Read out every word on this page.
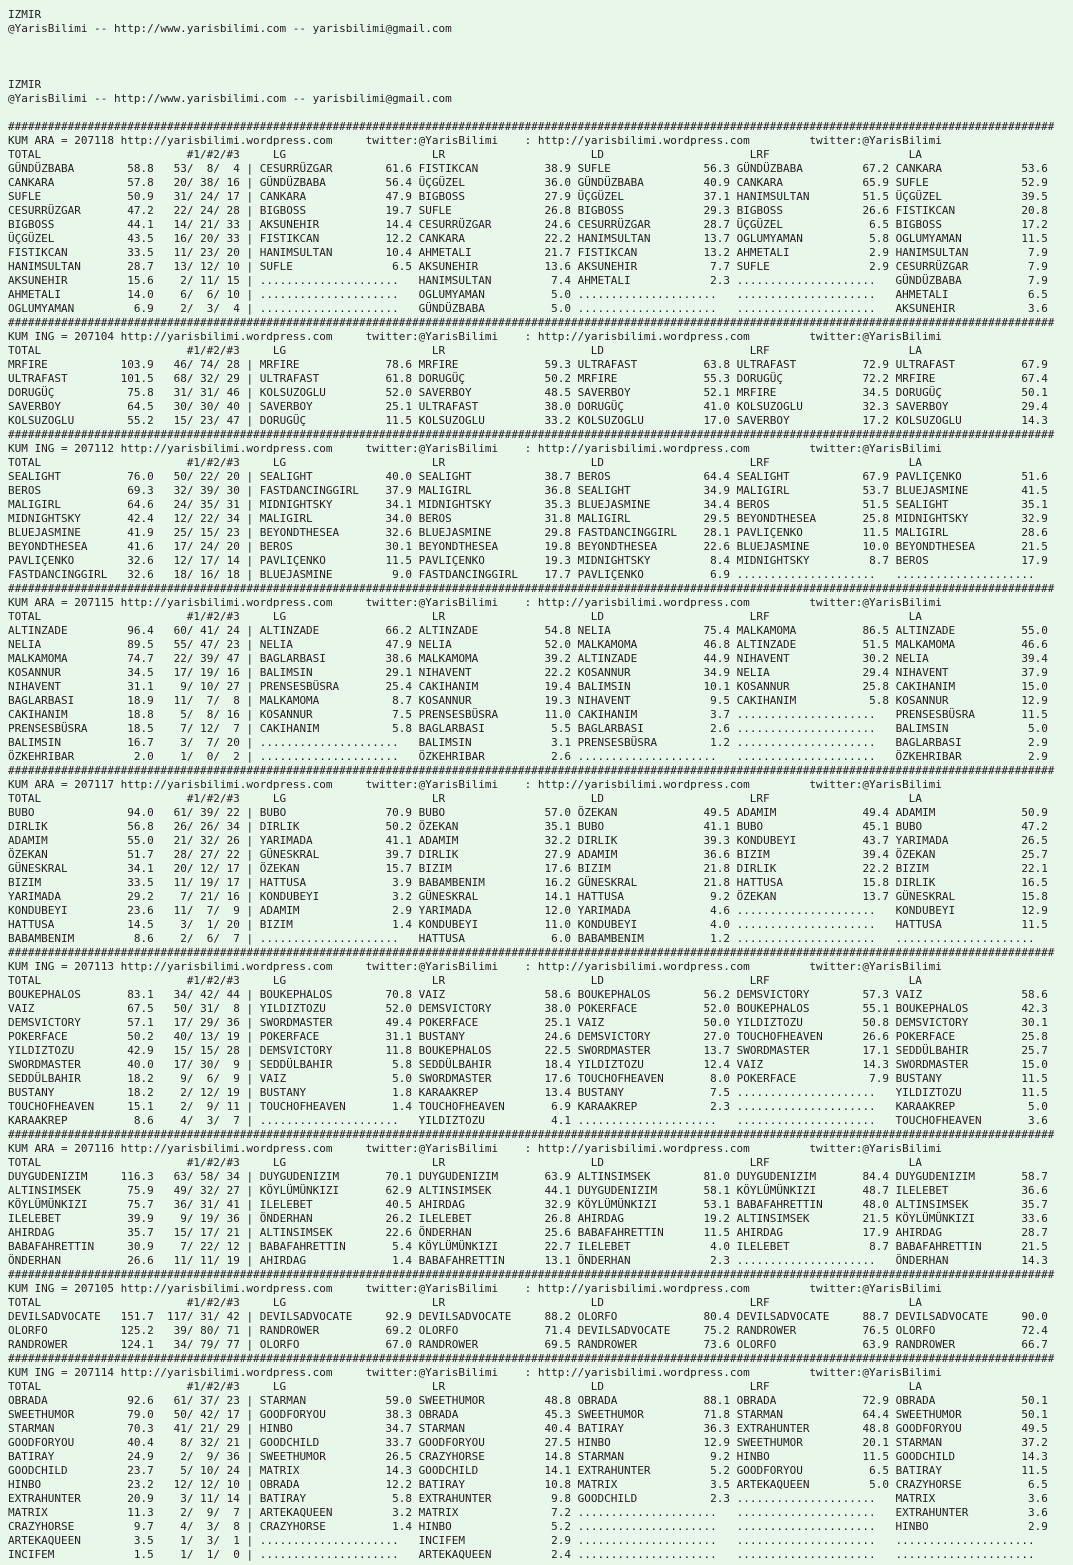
IZMIR
@YarisBilimi -- http://www.yarisbilimi.com -- yarisbilimi@gmail.com
IZMIR
@YarisBilimi -- http://www.yarisbilimi.com -- yarisbilimi@gmail.com
##############################################################################################################################################################
KUM ARA = 207118 http://yarisbilimi.wordpress.com	twitter:@YarisBilimi    : http://yarisbilimi.wordpress.com	twitter:@YarisBilimi
TOTAL                      #1/#2/#3     LG                      LR                      LD                      LRF                     LA
GÜNDÜZBABA        58.8   53/  8/  4 | CESURRÜZGAR        61.6 FISTIKCAN          38.9 SUFLE              56.3 GÜNDÜZBABA         67.2 CANKARA            53.6
CANKARA           57.8   20/ 38/ 16 | GÜNDÜZBABA         56.4 ÜÇGÜZEL            36.0 GÜNDÜZBABA         40.9 CANKARA            65.9 SUFLE              52.9
SUFLE             50.9   31/ 24/ 17 | CANKARA            47.9 BIGBOSS            27.9 ÜÇGÜZEL            37.1 HANIMSULTAN        51.5 ÜÇGÜZEL            39.5
CESURRÜZGAR       47.2   22/ 24/ 28 | BIGBOSS            19.7 SUFLE              26.8 BIGBOSS            29.3 BIGBOSS            26.6 FISTIKCAN          20.8
BIGBOSS           44.1   14/ 21/ 33 | AKSUNEHIR          14.4 CESURRÜZGAR        24.6 CESURRÜZGAR        28.7 ÜÇGÜZEL             6.5 BIGBOSS            17.2
ÜÇGÜZEL           43.5   16/ 20/ 33 | FISTIKCAN          12.2 CANKARA            22.2 HANIMSULTAN        13.7 OGLUMYAMAN          5.8 OGLUMYAMAN         11.5
FISTIKCAN         33.5   11/ 23/ 20 | HANIMSULTAN        10.4 AHMETALI           21.7 FISTIKCAN          13.2 AHMETALI            2.9 HANIMSULTAN         7.9
HANIMSULTAN       28.7   13/ 12/ 10 | SUFLE               6.5 AKSUNEHIR          13.6 AKSUNEHIR           7.7 SUFLE               2.9 CESURRÜZGAR         7.9
AKSUNEHIR         15.6    2/ 11/ 15 | .....................   HANIMSULTAN         7.4 AHMETALI            2.3 .....................   GÜNDÜZBABA          7.9
AHMETALI          14.0    6/  6/ 10 | .....................   OGLUMYAMAN          5.0 .....................   .....................   AHMETALI            6.5
OGLUMYAMAN         6.9    2/  3/  4 | .....................   GÜNDÜZBABA          5.0 .....................   .....................   AKSUNEHIR           3.6
##############################################################################################################################################################
KUM ING = 207104 http://yarisbilimi.wordpress.com	twitter:@YarisBilimi    : http://yarisbilimi.wordpress.com	twitter:@YarisBilimi
TOTAL                      #1/#2/#3     LG                      LR                      LD                      LRF                     LA
MRFIRE           103.9   46/ 74/ 28 | MRFIRE             78.6 MRFIRE             59.3 ULTRAFAST          63.8 ULTRAFAST          72.9 ULTRAFAST          67.9
ULTRAFAST        101.5   68/ 32/ 29 | ULTRAFAST          61.8 DORUGÜÇ            50.2 MRFIRE             55.3 DORUGÜÇ            72.2 MRFIRE             67.4
DORUGÜÇ           75.8   31/ 31/ 46 | KOLSUZOGLU         52.0 SAVERBOY           48.5 SAVERBOY           52.1 MRFIRE             34.5 DORUGÜÇ            50.1
SAVERBOY          64.5   30/ 30/ 40 | SAVERBOY           25.1 ULTRAFAST          38.0 DORUGÜÇ            41.0 KOLSUZOGLU         32.3 SAVERBOY           29.4
KOLSUZOGLU        55.2   15/ 23/ 47 | DORUGÜÇ            11.5 KOLSUZOGLU         33.2 KOLSUZOGLU         17.0 SAVERBOY           17.2 KOLSUZOGLU         14.3
##############################################################################################################################################################
KUM ING = 207112 http://yarisbilimi.wordpress.com	twitter:@YarisBilimi    : http://yarisbilimi.wordpress.com	twitter:@YarisBilimi
TOTAL                      #1/#2/#3     LG                      LR                      LD                      LRF                     LA
SEALIGHT          76.0   50/ 22/ 20 | SEALIGHT           40.0 SEALIGHT           38.7 BEROS              64.4 SEALIGHT           67.9 PAVLIÇENKO         51.6
BEROS             69.3   32/ 39/ 30 | FASTDANCINGGIRL    37.9 MALIGIRL           36.8 SEALIGHT           34.9 MALIGIRL           53.7 BLUEJASMINE        41.5
MALIGIRL          64.6   24/ 35/ 31 | MIDNIGHTSKY        34.1 MIDNIGHTSKY        35.3 BLUEJASMINE        34.4 BEROS              51.5 SEALIGHT           35.1
MIDNIGHTSKY       42.4   12/ 22/ 34 | MALIGIRL           34.0 BEROS              31.8 MALIGIRL           29.5 BEYONDTHESEA       25.8 MIDNIGHTSKY        32.9
BLUEJASMINE       41.9   25/ 15/ 23 | BEYONDTHESEA       32.6 BLUEJASMINE        29.8 FASTDANCINGGIRL    28.1 PAVLIÇENKO         11.5 MALIGIRL           28.6
BEYONDTHESEA      41.6   17/ 24/ 20 | BEROS              30.1 BEYONDTHESEA       19.8 BEYONDTHESEA       22.6 BLUEJASMINE        10.0 BEYONDTHESEA       21.5
PAVLIÇENKO        32.6   12/ 17/ 14 | PAVLIÇENKO         11.5 PAVLIÇENKO         19.3 MIDNIGHTSKY         8.4 MIDNIGHTSKY         8.7 BEROS              17.9
FASTDANCINGGIRL   32.6   18/ 16/ 18 | BLUEJASMINE         9.0 FASTDANCINGGIRL    17.7 PAVLIÇENKO          6.9 .....................   .....................
##############################################################################################################################################################
KUM ARA = 207115 http://yarisbilimi.wordpress.com	twitter:@YarisBilimi    : http://yarisbilimi.wordpress.com	twitter:@YarisBilimi
TOTAL                      #1/#2/#3     LG                      LR                      LD                      LRF                     LA
ALTINZADE         96.4   60/ 41/ 24 | ALTINZADE          66.2 ALTINZADE          54.8 NELIA              75.4 MALKAMOMA          86.5 ALTINZADE          55.0
NELIA             89.5   55/ 47/ 23 | NELIA              47.9 NELIA              52.0 MALKAMOMA          46.8 ALTINZADE          51.5 MALKAMOMA          46.6
MALKAMOMA         74.7   22/ 39/ 47 | BAGLARBASI         38.6 MALKAMOMA          39.2 ALTINZADE          44.9 NIHAVENT           30.2 NELIA              39.4
KOSANNUR          34.5   17/ 19/ 16 | BALIMSIN           29.1 NIHAVENT           22.2 KOSANNUR           34.9 NELIA              29.4 NIHAVENT           37.9
NIHAVENT          31.1    9/ 10/ 27 | PRENSESBÜSRA       25.4 CAKIHANIM          19.4 BALIMSIN           10.1 KOSANNUR           25.8 CAKIHANIM          15.0
BAGLARBASI        18.9   11/  7/  8 | MALKAMOMA           8.7 KOSANNUR           19.3 NIHAVENT            9.5 CAKIHANIM           5.8 KOSANNUR           12.9
CAKIHANIM         18.8    5/  8/ 16 | KOSANNUR            7.5 PRENSESBÜSRA       11.0 CAKIHANIM           3.7 .....................   PRENSESBÜSRA       11.5
PRENSESBÜSRA      18.5    7/ 12/  7 | CAKIHANIM           5.8 BAGLARBASI          5.5 BAGLARBASI          2.6 .....................   BALIMSIN            5.0
BALIMSIN          16.7    3/  7/ 20 | .....................   BALIMSIN            3.1 PRENSESBÜSRA        1.2 .....................   BAGLARBASI          2.9
ÖZKEHRIBAR         2.0    1/  0/  2 | .....................   ÖZKEHRIBAR          2.6 .....................   .....................   ÖZKEHRIBAR          2.9
##############################################################################################################################################################
KUM ARA = 207117 http://yarisbilimi.wordpress.com	twitter:@YarisBilimi    : http://yarisbilimi.wordpress.com	twitter:@YarisBilimi
TOTAL                      #1/#2/#3     LG                      LR                      LD                      LRF                     LA
BUBO              94.0   61/ 39/ 22 | BUBO               70.9 BUBO               57.0 ÖZEKAN             49.5 ADAMIM             49.4 ADAMIM             50.9
DIRLIK            56.8   26/ 26/ 34 | DIRLIK             50.2 ÖZEKAN             35.1 BUBO               41.1 BUBO               45.1 BUBO               47.2
ADAMIM            55.0   21/ 32/ 26 | YARIMADA           41.1 ADAMIM             32.2 DIRLIK             39.3 KONDUBEYI          43.7 YARIMADA           26.5
ÖZEKAN            51.7   28/ 27/ 22 | GÜNESKRAL          39.7 DIRLIK             27.9 ADAMIM             36.6 BIZIM              39.4 ÖZEKAN             25.7
GÜNESKRAL         34.1   20/ 12/ 17 | ÖZEKAN             15.7 BIZIM              17.6 BIZIM              21.8 DIRLIK             22.2 BIZIM              22.1
BIZIM             33.5   11/ 19/ 17 | HATTUSA             3.9 BABAMBENIM         16.2 GÜNESKRAL          21.8 HATTUSA            15.8 DIRLIK             16.5
YARIMADA          29.2    7/ 21/ 16 | KONDUBEYI           3.2 GÜNESKRAL          14.1 HATTUSA             9.2 ÖZEKAN             13.7 GÜNESKRAL          15.8
KONDUBEYI         23.6   11/  7/  9 | ADAMIM              2.9 YARIMADA           12.0 YARIMADA            4.6 .....................   KONDUBEYI          12.9
HATTUSA           14.5    3/  1/ 20 | BIZIM               1.4 KONDUBEYI          11.0 KONDUBEYI           4.0 .....................   HATTUSA            11.5
BABAMBENIM         8.6    2/  6/  7 | .....................   HATTUSA             6.0 BABAMBENIM          1.2 .....................   .....................
##############################################################################################################################################################
KUM ING = 207113 http://yarisbilimi.wordpress.com	twitter:@YarisBilimi    : http://yarisbilimi.wordpress.com	twitter:@YarisBilimi
TOTAL                      #1/#2/#3     LG                      LR                      LD                      LRF                     LA
BOUKEPHALOS       83.1   34/ 42/ 44 | BOUKEPHALOS        70.8 VAIZ               58.6 BOUKEPHALOS        56.2 DEMSVICTORY        57.3 VAIZ               58.6
VAIZ              67.5   50/ 31/  8 | YILDIZTOZU         52.0 DEMSVICTORY        38.0 POKERFACE          52.0 BOUKEPHALOS        55.1 BOUKEPHALOS        42.3
DEMSVICTORY       57.1   17/ 29/ 36 | SWORDMASTER        49.4 POKERFACE          25.1 VAIZ               50.0 YILDIZTOZU         50.8 DEMSVICTORY        30.1
POKERFACE         50.2   40/ 13/ 19 | POKERFACE          31.1 BUSTANY            24.6 DEMSVICTORY        27.0 TOUCHOFHEAVEN      26.6 POKERFACE          25.8
YILDIZTOZU        42.9   15/ 15/ 28 | DEMSVICTORY        11.8 BOUKEPHALOS        22.5 SWORDMASTER        13.7 SWORDMASTER        17.1 SEDDÜLBAHIR        25.7
SWORDMASTER       40.0   17/ 30/  9 | SEDDÜLBAHIR         5.8 SEDDÜLBAHIR        18.4 YILDIZTOZU         12.4 VAIZ               14.3 SWORDMASTER        15.0
SEDDÜLBAHIR       18.2    9/  6/  9 | VAIZ                5.0 SWORDMASTER        17.6 TOUCHOFHEAVEN       8.0 POKERFACE           7.9 BUSTANY            11.5
BUSTANY           18.2    2/ 12/ 19 | BUSTANY             1.8 KARAAKREP          13.4 BUSTANY             7.5 .....................   YILDIZTOZU         11.5
TOUCHOFHEAVEN     15.1    2/  9/ 11 | TOUCHOFHEAVEN       1.4 TOUCHOFHEAVEN       6.9 KARAAKREP           2.3 .....................   KARAAKREP           5.0
KARAAKREP          8.6    4/  3/  7 | .....................   YILDIZTOZU          4.1 .....................   .....................   TOUCHOFHEAVEN       3.6
##############################################################################################################################################################
KUM ARA = 207116 http://yarisbilimi.wordpress.com	twitter:@YarisBilimi    : http://yarisbilimi.wordpress.com	twitter:@YarisBilimi
TOTAL                      #1/#2/#3     LG                      LR                      LD                      LRF                     LA
DUYGUDENIZIM     116.3   63/ 58/ 34 | DUYGUDENIZIM       70.1 DUYGUDENIZIM       63.9 ALTINSIMSEK        81.0 DUYGUDENIZIM       84.4 DUYGUDENIZIM       58.7
ALTINSIMSEK       75.9   49/ 32/ 27 | KÖYLÜMÜNKIZI       62.9 ALTINSIMSEK        44.1 DUYGUDENIZIM       58.1 KÖYLÜMÜNKIZI       48.7 ILELEBET           36.6
KÖYLÜMÜNKIZI      75.7   36/ 31/ 41 | ILELEBET           40.5 AHIRDAG            32.9 KÖYLÜMÜNKIZI       53.1 BABAFAHRETTIN      48.0 ALTINSIMSEK        35.7
ILELEBET          39.9    9/ 19/ 36 | ÖNDERHAN           26.2 ILELEBET           26.8 AHIRDAG            19.2 ALTINSIMSEK        21.5 KÖYLÜMÜNKIZI       33.6
AHIRDAG           35.7   15/ 17/ 21 | ALTINSIMSEK        22.6 ÖNDERHAN           25.6 BABAFAHRETTIN      11.5 AHIRDAG            17.9 AHIRDAG            28.7
BABAFAHRETTIN     30.9    7/ 22/ 12 | BABAFAHRETTIN       5.4 KÖYLÜMÜNKIZI       22.7 ILELEBET            4.0 ILELEBET            8.7 BABAFAHRETTIN      21.5
ÖNDERHAN          26.6   11/ 11/ 19 | AHIRDAG             1.4 BABAFAHRETTIN      13.1 ÖNDERHAN            2.3 .....................   ÖNDERHAN           14.3
##############################################################################################################################################################
KUM ING = 207105 http://yarisbilimi.wordpress.com	twitter:@YarisBilimi    : http://yarisbilimi.wordpress.com	twitter:@YarisBilimi
TOTAL                      #1/#2/#3     LG                      LR                      LD                      LRF                     LA
DEVILSADVOCATE   151.7 117/ 31/ 42 | DEVILSADVOCATE     92.9 DEVILSADVOCATE     88.2 OLORFO             80.4 DEVILSADVOCATE     88.7 DEVILSADVOCATE     90.0
OLORFO           125.2   39/ 80/ 71 | RANDROWER          69.2 OLORFO             71.4 DEVILSADVOCATE     75.2 RANDROWER          76.5 OLORFO             72.4
RANDROWER        124.1   34/ 79/ 77 | OLORFO             67.0 RANDROWER          69.5 RANDROWER          73.6 OLORFO             63.9 RANDROWER          66.7
##############################################################################################################################################################
KUM ING = 207114 http://yarisbilimi.wordpress.com	twitter:@YarisBilimi    : http://yarisbilimi.wordpress.com	twitter:@YarisBilimi
TOTAL                      #1/#2/#3     LG                      LR                      LD                      LRF                     LA
OBRADA            92.6   61/ 37/ 23 | STARMAN            59.0 SWEETHUMOR         48.8 OBRADA             88.1 OBRADA             72.9 OBRADA             50.1
SWEETHUMOR        79.0   50/ 42/ 17 | GOODFORYOU         38.3 OBRADA             45.3 SWEETHUMOR         71.8 STARMAN            64.4 SWEETHUMOR         50.1
STARMAN           70.3   41/ 21/ 29 | HINBO              34.7 STARMAN            40.4 BATIRAY            36.3 EXTRAHUNTER        48.8 GOODFORYOU         49.5
GOODFORYOU        40.4    8/ 32/ 21 | GOODCHILD          33.7 GOODFORYOU         27.5 HINBO              12.9 SWEETHUMOR         20.1 STARMAN            37.2
BATIRAY           24.9    2/  9/ 36 | SWEETHUMOR         26.5 CRAZYHORSE         14.8 STARMAN             9.2 HINBO              11.5 GOODCHILD          14.3
GOODCHILD         23.7    5/ 10/ 24 | MATRIX             14.3 GOODCHILD          14.1 EXTRAHUNTER         5.2 GOODFORYOU          6.5 BATIRAY            11.5
HINBO             23.2   12/ 12/ 10 | OBRADA             12.2 BATIRAY            10.8 MATRIX              3.5 ARTEKAQUEEN         5.0 CRAZYHORSE          6.5
EXTRAHUNTER       20.9    3/ 11/ 14 | BATIRAY             5.8 EXTRAHUNTER         9.8 GOODCHILD           2.3 .....................   MATRIX              3.6
MATRIX            11.3    2/  9/  7 | ARTEKAQUEEN         3.2 MATRIX              7.2 .....................   .....................   EXTRAHUNTER         3.6
CRAZYHORSE         9.7    4/  3/  8 | CRAZYHORSE          1.4 HINBO               5.2 .....................   .....................   HINBO               2.9
ARTEKAQUEEN        3.5    1/  3/  1 | .....................   INCIFEM             2.9 .....................   .....................   .....................
INCIFEM            1.5    1/  1/  0 | .....................   ARTEKAQUEEN         2.4 .....................   .....................   .....................
